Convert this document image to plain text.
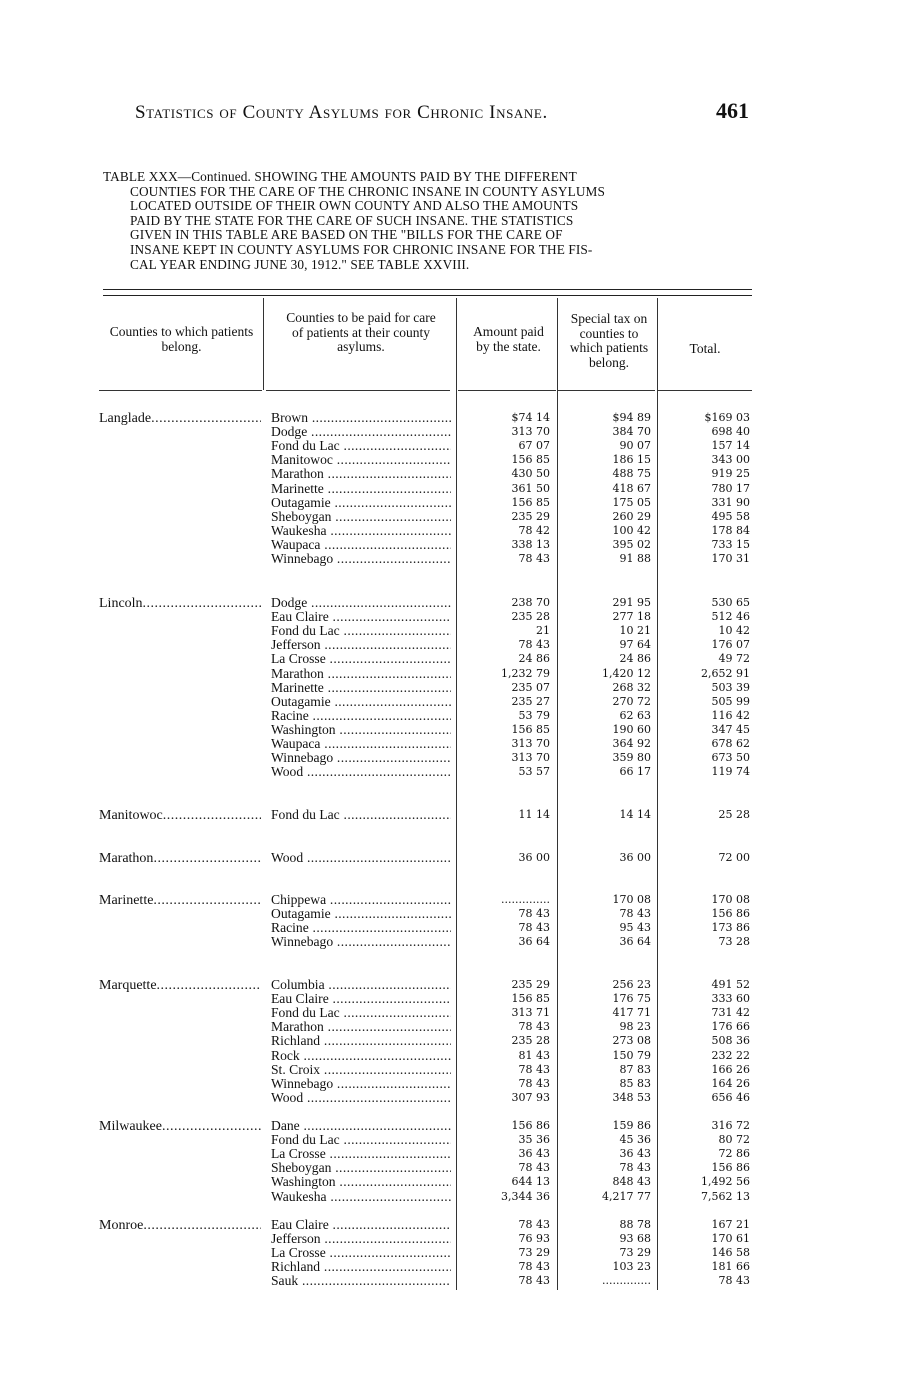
Statistics of County Asylums for Chronic Insane.	461
TABLE XXX—Continued. SHOWING THE AMOUNTS PAID BY THE DIFFERENT
COUNTIES FOR THE CARE OF THE CHRONIC INSANE IN COUNTY ASYLUMS
LOCATED OUTSIDE OF THEIR OWN COUNTY AND ALSO THE AMOUNTS
PAID BY THE STATE FOR THE CARE OF SUCH INSANE. THE STATISTICS
GIVEN IN THIS TABLE ARE BASED ON THE "BILLS FOR THE CARE OF
INSANE KEPT IN COUNTY ASYLUMS FOR CHRONIC INSANE FOR THE FIS-
CAL YEAR ENDING JUNE 30, 1912." SEE TABLE XXVIII.
Counties to which patients belong.
Counties to be paid for care of patients at their county asylums.
Amount paid by the state.
Special tax on counties to which patients belong.
Total.
Langlade .....	Brown .....	$74 14	$94 89	$169 03
Dodge .....	313 70	384 70	698 40
Fond du Lac .....	67 07	90 07	157 14
Manitowoc .....	156 85	186 15	343 00
Marathon .....	430 50	488 75	919 25
Marinette .....	361 50	418 67	780 17
Outagamie .....	156 85	175 05	331 90
Sheboygan .....	235 29	260 29	495 58
Waukesha .....	78 42	100 42	178 84
Waupaca .....	338 13	395 02	733 15
Winnebago .....	78 43	91 88	170 31
Lincoln .....	Dodge .....	238 70	291 95	530 65
Eau Claire .....	235 28	277 18	512 46
Fond du Lac .....	21	10 21	10 42
Jefferson .....	78 43	97 64	176 07
La Crosse .....	24 86	24 86	49 72
Marathon .....	1,232 79	1,420 12	2,652 91
Marinette .....	235 07	268 32	503 39
Outagamie .....	235 27	270 72	505 99
Racine .....	53 79	62 63	116 42
Washington .....	156 85	190 60	347 45
Waupaca .....	313 70	364 92	678 62
Winnebago .....	313 70	359 80	673 50
Wood .....	53 57	66 17	119 74
Manitowoc .....	Fond du Lac .....	11 14	14 14	25 28
Marathon .....	Wood .....	36 00	36 00	72 00
Marinette .....	Chippewa .....	..............	170 08	170 08
Outagamie .....	78 43	78 43	156 86
Racine .....	78 43	95 43	173 86
Winnebago .....	36 64	36 64	73 28
Marquette .....	Columbia .....	235 29	256 23	491 52
Eau Claire .....	156 85	176 75	333 60
Fond du Lac .....	313 71	417 71	731 42
Marathon .....	78 43	98 23	176 66
Richland .....	235 28	273 08	508 36
Rock .....	81 43	150 79	232 22
St. Croix .....	78 43	87 83	166 26
Winnebago .....	78 43	85 83	164 26
Wood .....	307 93	348 53	656 46
Milwaukee .....	Dane .....	156 86	159 86	316 72
Fond du Lac .....	35 36	45 36	80 72
La Crosse .....	36 43	36 43	72 86
Sheboygan .....	78 43	78 43	156 86
Washington .....	644 13	848 43	1,492 56
Waukesha .....	3,344 36	4,217 77	7,562 13
Monroe .....	Eau Claire .....	78 43	88 78	167 21
Jefferson .....	76 93	93 68	170 61
La Crosse .....	73 29	73 29	146 58
Richland .....	78 43	103 23	181 66
Sauk .....	78 43	..............	78 43
